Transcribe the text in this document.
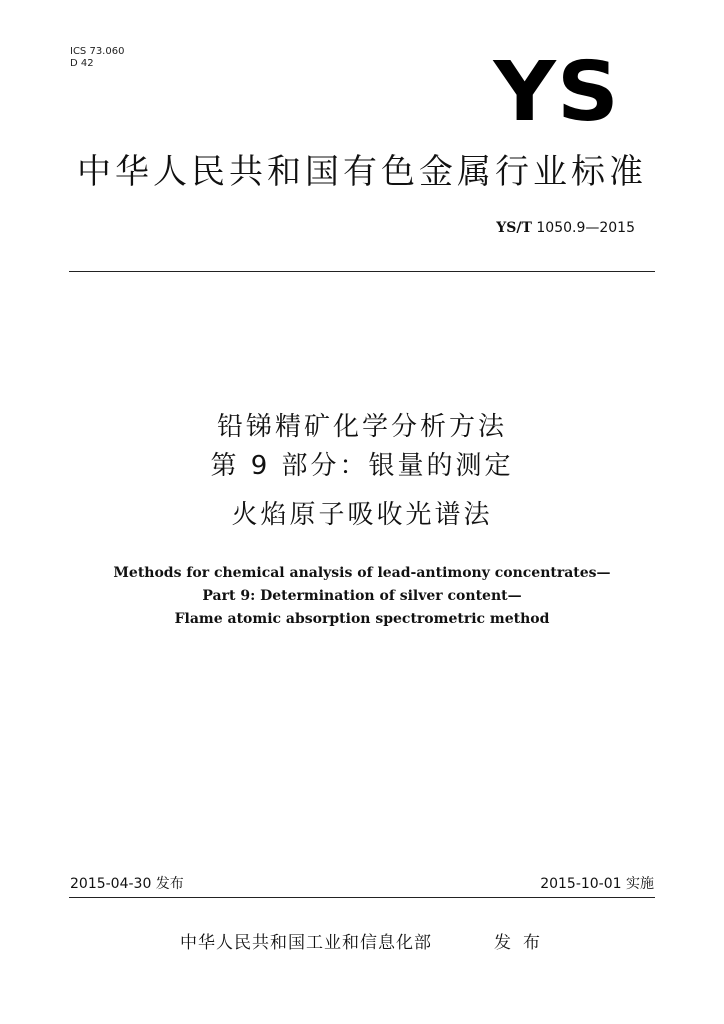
ICS 73.060
D 42	YS
中华人民共和国有色金属行业标准
YS/T 1050.9—2015
铅锑精矿化学分析方法
第 9 部分：银量的测定
火焰原子吸收光谱法
Methods for chemical analysis of lead-antimony concentrates—
Part 9: Determination of silver content—
Flame atomic absorption spectrometric method
2015-04-30 发布	2015-10-01 实施
中华人民共和国工业和信息化部	发布
